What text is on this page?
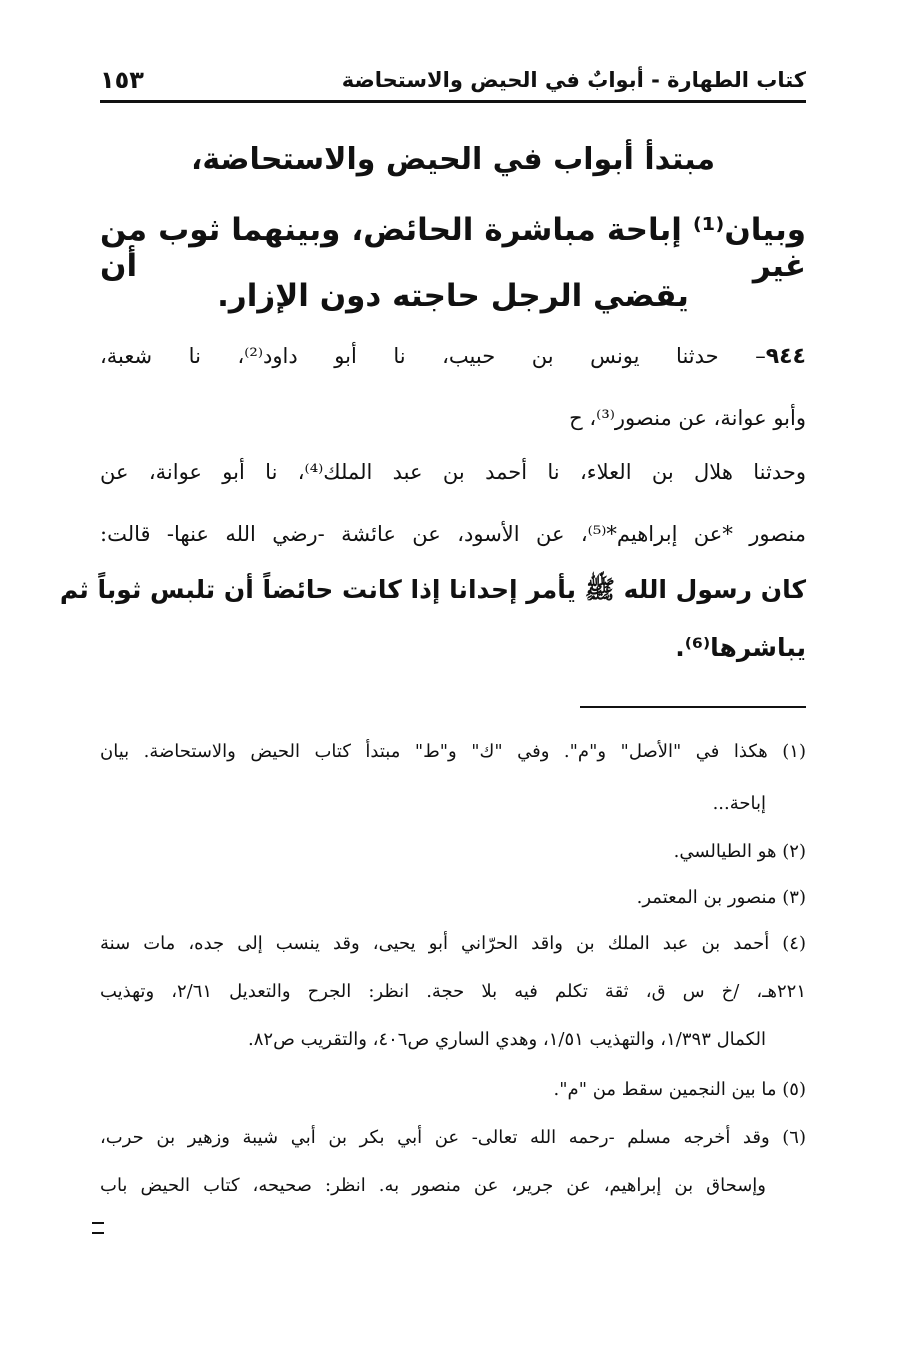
كتاب الطهارة - أبوابٌ في الحيض والاستحاضة
١٥٣
مبتدأ أبواب في الحيض والاستحاضة،
وبيان⁽¹⁾ إباحة مباشرة الحائض، وبينهما ثوب من غير أن
يقضي الرجل حاجته دون الإزار.
٩٤٤– حدثنا يونس بن حبيب، نا أبو داود⁽²⁾، نا شعبة،
وأبو عوانة، عن منصور⁽³⁾، ح
وحدثنا هلال بن العلاء، نا أحمد بن عبد الملك⁽⁴⁾، نا أبو عوانة، عن
منصور *عن إبراهيم*⁽⁵⁾، عن الأسود، عن عائشة -رضي الله عنها- قالت:
كان رسول الله ﷺ يأمر إحدانا إذا كانت حائضاً أن تلبس ثوباً ثم
يباشرها⁽⁶⁾.
(١) هكذا في "الأصل" و"م". وفي "ك" و"ط" مبتدأ كتاب الحيض والاستحاضة. بيان
إباحة...
(٢) هو الطيالسي.
(٣) منصور بن المعتمر.
(٤) أحمد بن عبد الملك بن واقد الحرّاني أبو يحيى، وقد ينسب إلى جده، مات سنة
٢٢١هـ، /خ س ق، ثقة تكلم فيه بلا حجة. انظر: الجرح والتعديل ٢/٦١، وتهذيب
الكمال ١/٣٩٣، والتهذيب ١/٥١، وهدي الساري ص٤٠٦، والتقريب ص٨٢.
(٥) ما بين النجمين سقط من "م".
(٦) وقد أخرجه مسلم -رحمه الله تعالى- عن أبي بكر بن أبي شيبة وزهير بن حرب،
وإسحاق بن إبراهيم، عن جرير، عن منصور به. انظر: صحيحه، كتاب الحيض باب
